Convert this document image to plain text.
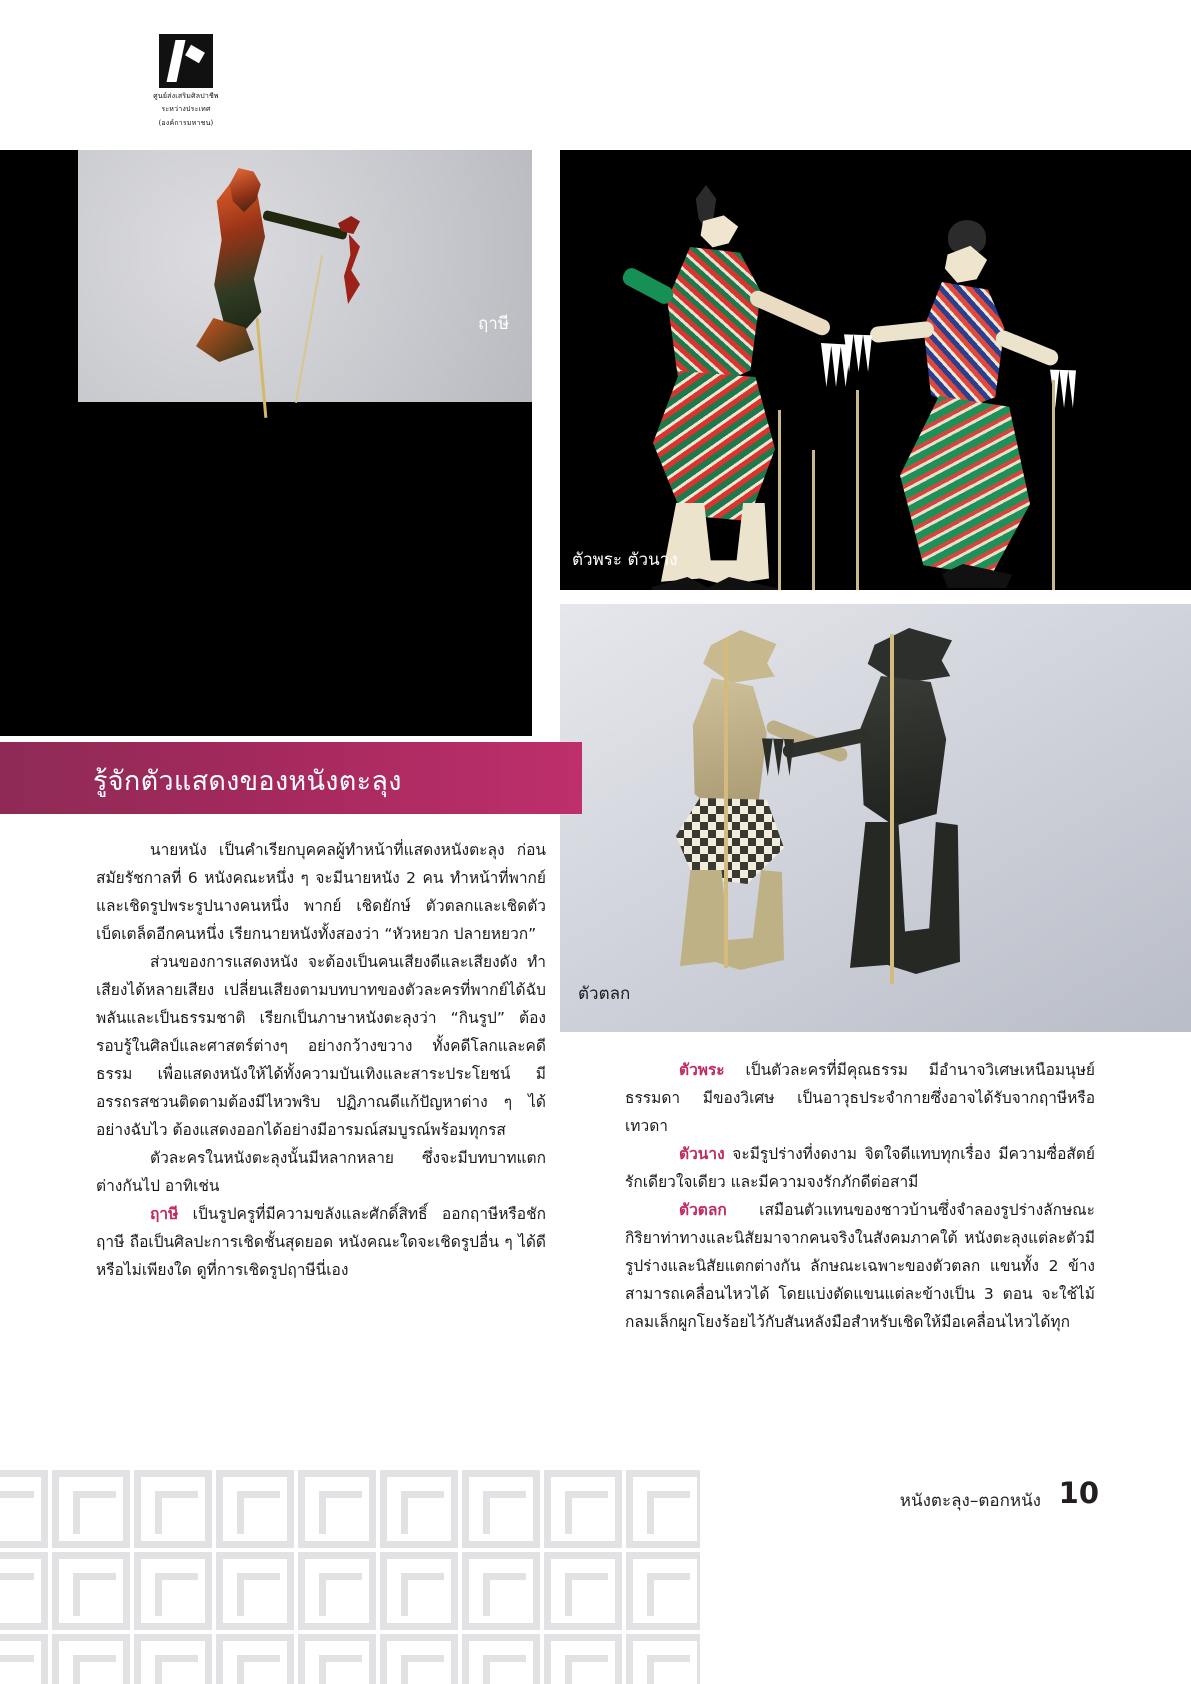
ศูนย์ส่งเสริมศิลปาชีพ
ระหว่างประเทศ
(องค์การมหาชน)
ฤาษี
ตัวพระ ตัวนาง
ตัวตลก
รู้จักตัวแสดงของหนังตะลุง

นายหนัง เป็นคำเรียกบุคคลผู้ทำหน้าที่แสดงหนังตะลุง ก่อนสมัยรัชกาลที่ 6 หนังคณะหนึ่ง ๆ จะมีนายหนัง 2 คน ทำหน้าที่พากย์และเชิดรูปพระรูปนางคนหนึ่ง พากย์ เชิดยักษ์ ตัวตลกและเชิดตัวเบ็ดเตล็ดอีกคนหนึ่ง เรียกนายหนังทั้งสองว่า “หัวหยวก ปลายหยวก”

ส่วนของการแสดงหนัง จะต้องเป็นคนเสียงดีและเสียงดัง ทำเสียงได้หลายเสียง เปลี่ยนเสียงตามบทบาทของตัวละครที่พากย์ได้ฉับพลันและเป็นธรรมชาติ เรียกเป็นภาษาหนังตะลุงว่า “กินรูป” ต้องรอบรู้ในศิลป์และศาสตร์ต่างๆ อย่างกว้างขวาง ทั้งคดีโลกและคดีธรรม เพื่อแสดงหนังให้ได้ทั้งความบันเทิงและสาระประโยชน์ มีอรรถรสชวนติดตามต้องมีไหวพริบ ปฏิภาณดีแก้ปัญหาต่าง ๆ ได้อย่างฉับไว ต้องแสดงออกได้อย่างมีอารมณ์สมบูรณ์พร้อมทุกรส

ตัวละครในหนังตะลุงนั้นมีหลากหลาย ซึ่งจะมีบทบาทแตกต่างกันไป อาทิเช่น

ฤาษี เป็นรูปครูที่มีความขลังและศักดิ์สิทธิ์ ออกฤาษีหรือชักฤาษี ถือเป็นศิลปะการเชิดชั้นสุดยอด หนังคณะใดจะเชิดรูปอื่น ๆ ได้ดีหรือไม่เพียงใด ดูที่การเชิดรูปฤาษีนี่เอง

ตัวพระ เป็นตัวละครที่มีคุณธรรม มีอำนาจวิเศษเหนือมนุษย์ธรรมดา มีของวิเศษ เป็นอาวุธประจำกายซึ่งอาจได้รับจากฤาษีหรือเทวดา

ตัวนาง จะมีรูปร่างที่งดงาม จิตใจดีแทบทุกเรื่อง มีความซื่อสัตย์รักเดียวใจเดียว และมีความจงรักภักดีต่อสามี

ตัวตลก เสมือนตัวแทนของชาวบ้านซึ่งจำลองรูปร่างลักษณะ กิริยาท่าทางและนิสัยมาจากคนจริงในสังคมภาคใต้ หนังตะลุงแต่ละตัวมีรูปร่างและนิสัยแตกต่างกัน ลักษณะเฉพาะของตัวตลก แขนทั้ง 2 ข้างสามารถเคลื่อนไหวได้ โดยแบ่งตัดแขนแต่ละข้างเป็น 3 ตอน จะใช้ไม้กลมเล็กผูกโยงร้อยไว้กับสันหลังมือสำหรับเชิดให้มือเคลื่อนไหวได้ทุก

หนังตะลุง–ตอกหนัง 10
